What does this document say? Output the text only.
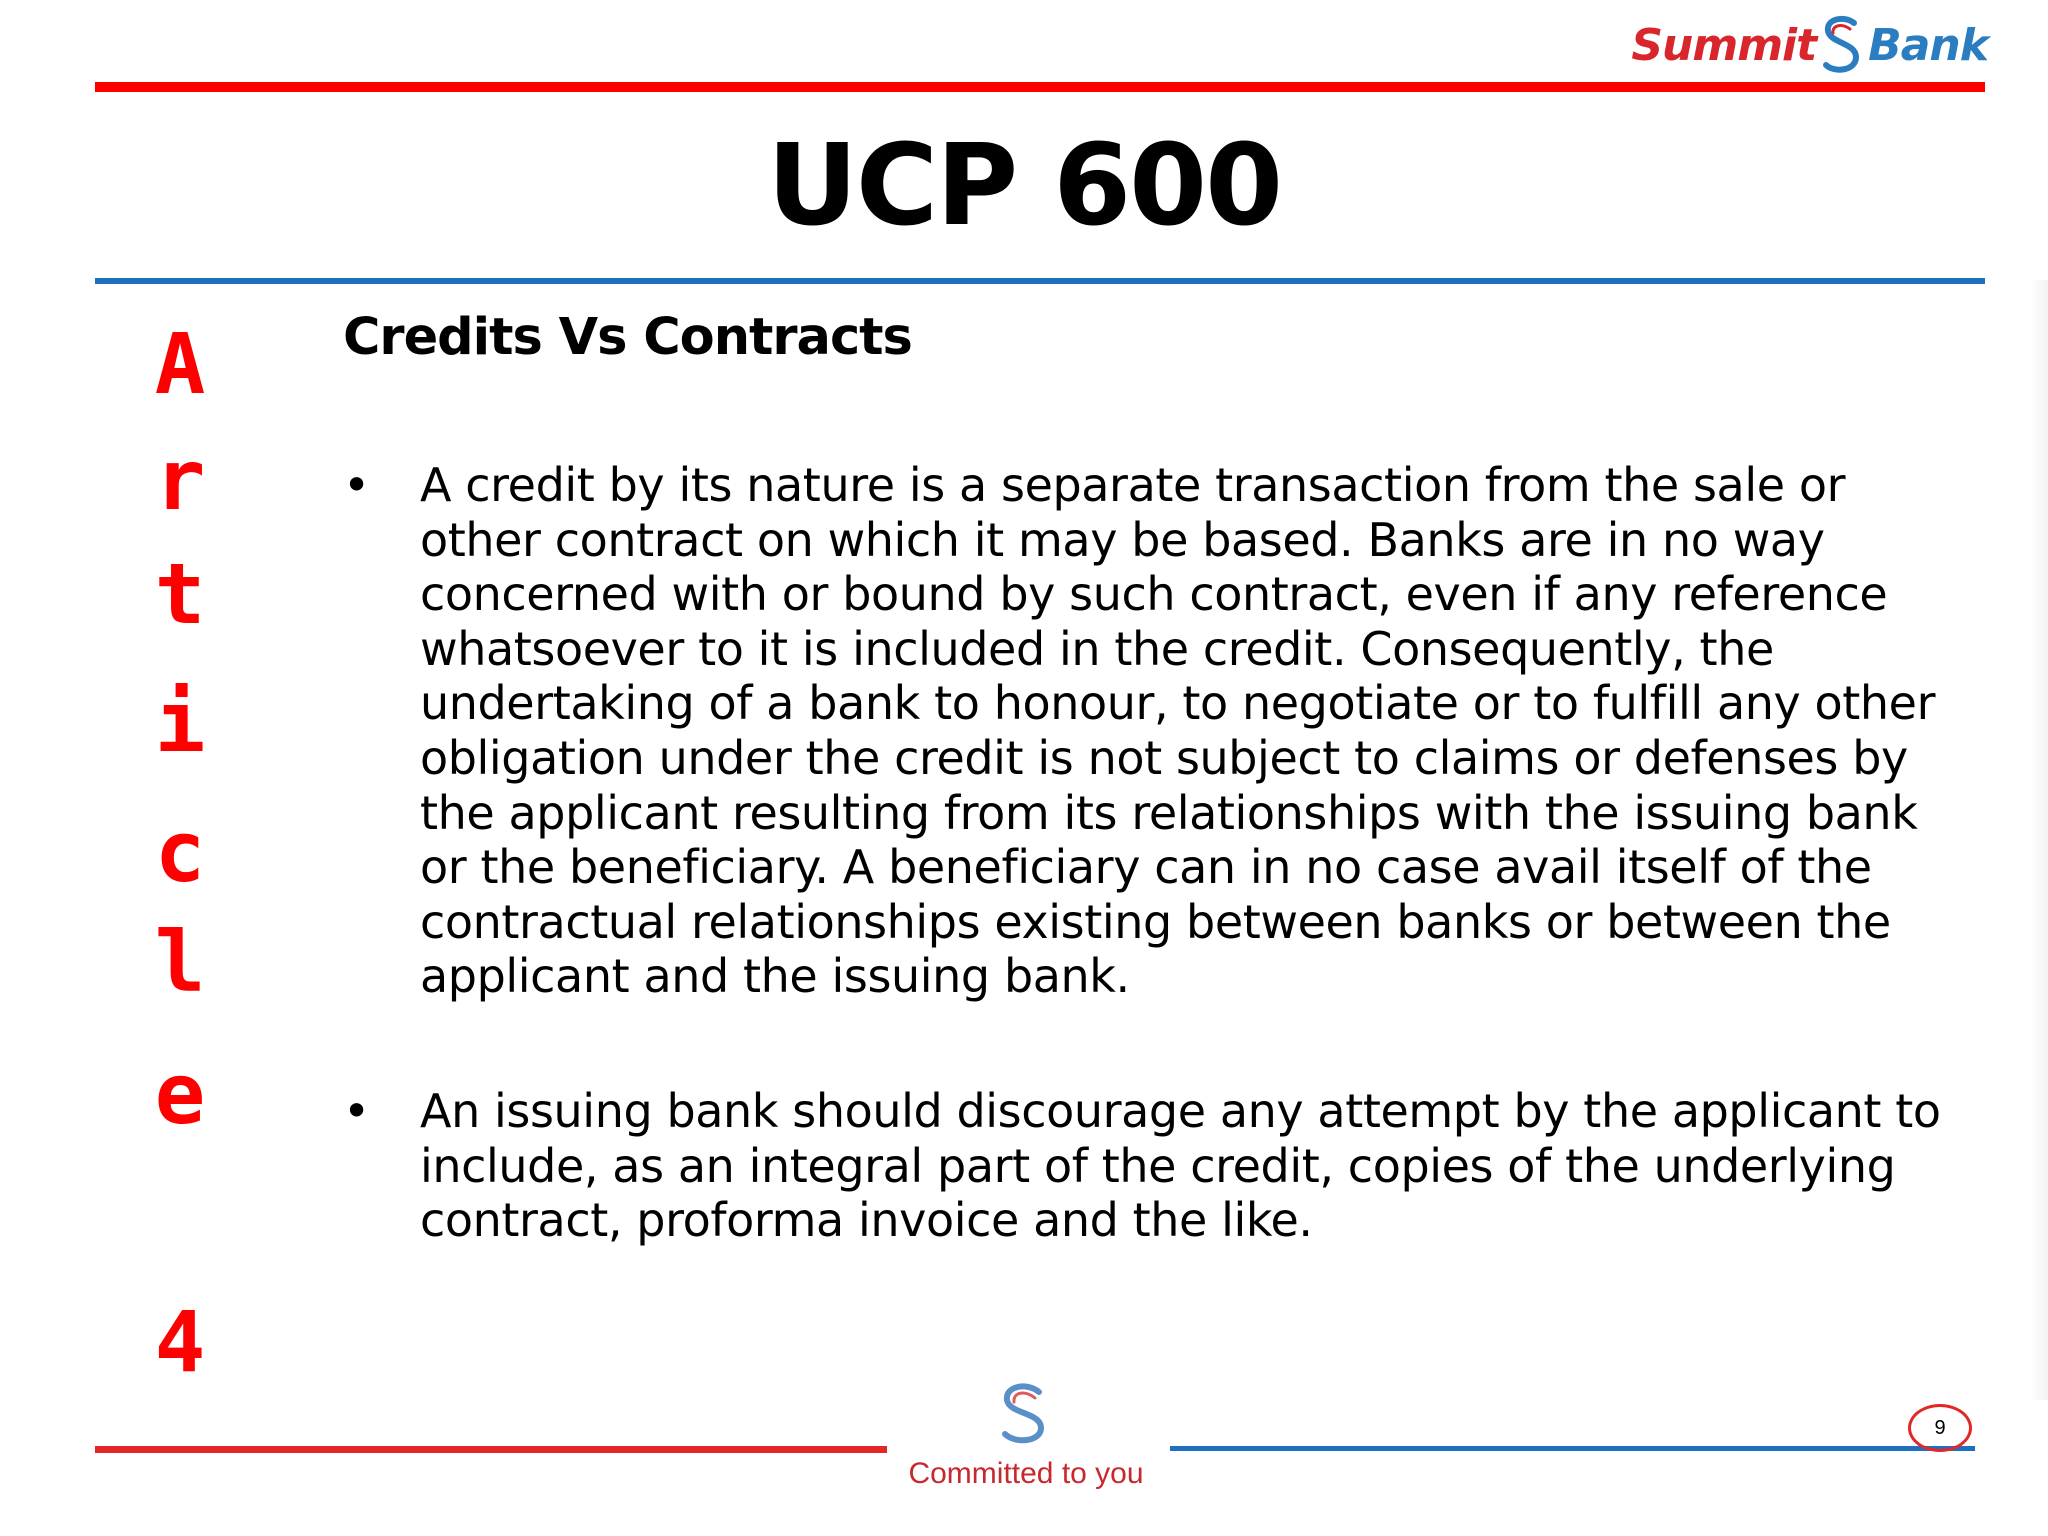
Summit Bank
UCP 600
A
r
t
i
c
l
e
4
Credits Vs Contracts
• A credit by its nature is a separate transaction from the sale or other contract on which it may be based. Banks are in no way concerned with or bound by such contract, even if any reference whatsoever to it is included in the credit. Consequently, the undertaking of a bank to honour, to negotiate or to fulfill any other obligation under the credit is not subject to claims or defenses by the applicant resulting from its relationships with the issuing bank or the beneficiary. A beneficiary can in no case avail itself of the contractual relationships existing between banks or between the applicant and the issuing bank.
• An issuing bank should discourage any attempt by the applicant to include, as an integral part of the credit, copies of the underlying contract, proforma invoice and the like.
Committed to you
9
